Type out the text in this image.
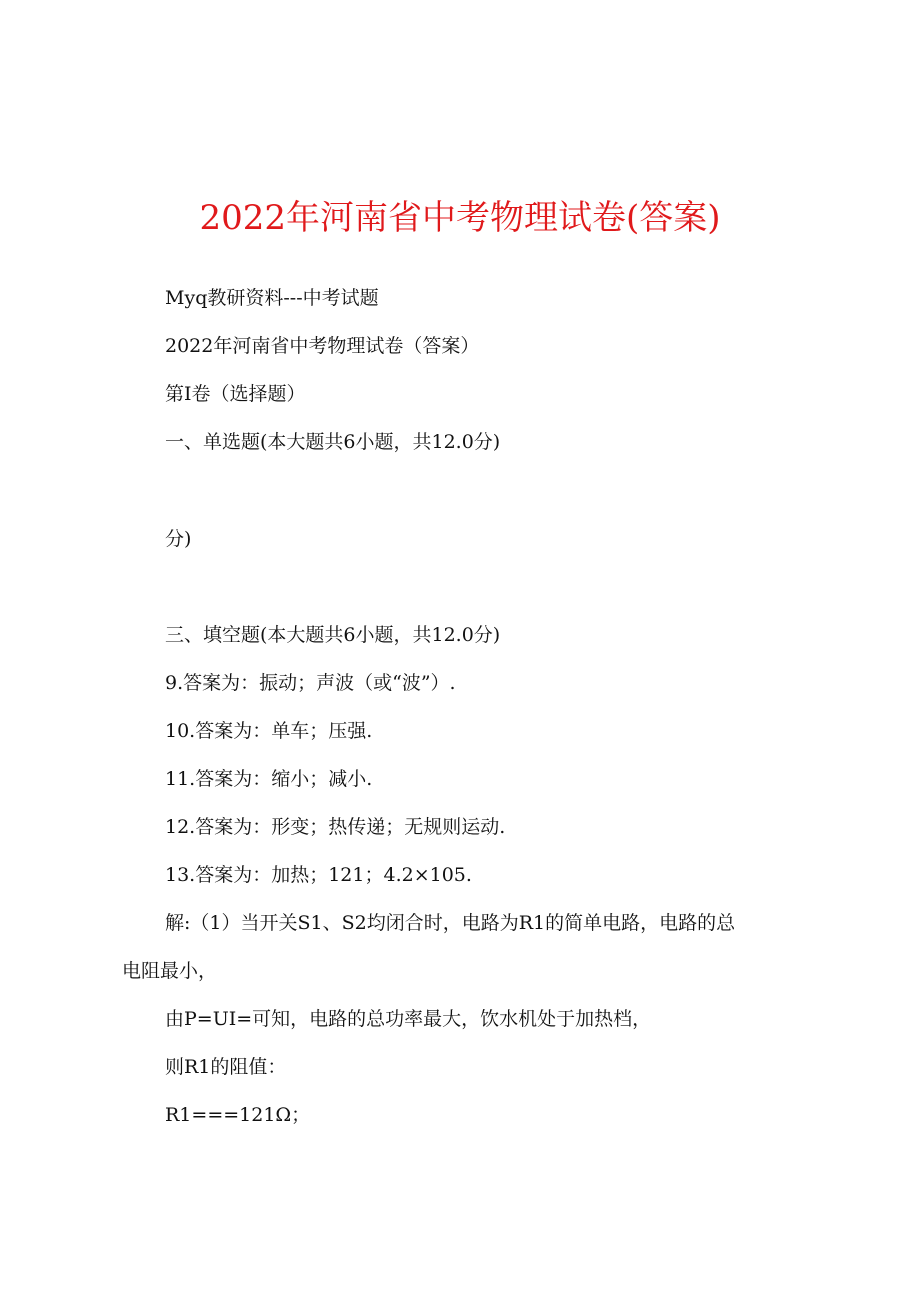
2022年河南省中考物理试卷(答案)
Myq教研资料---中考试题
2022年河南省中考物理试卷（答案）
第I卷（选择题）
一、单选题(本大题共6小题，共12.0分)
分)
三、填空题(本大题共6小题，共12.0分)
9.答案为：振动；声波（或“波”）.
10.答案为：单车；压强.
11.答案为：缩小；减小.
12.答案为：形变；热传递；无规则运动.
13.答案为：加热；121；4.2×105.
解:（1）当开关S1、S2均闭合时，电路为R1的简单电路，电路的总
电阻最小，
由P=UI=可知，电路的总功率最大，饮水机处于加热档，
则R1的阻值：
R1===121Ω；
